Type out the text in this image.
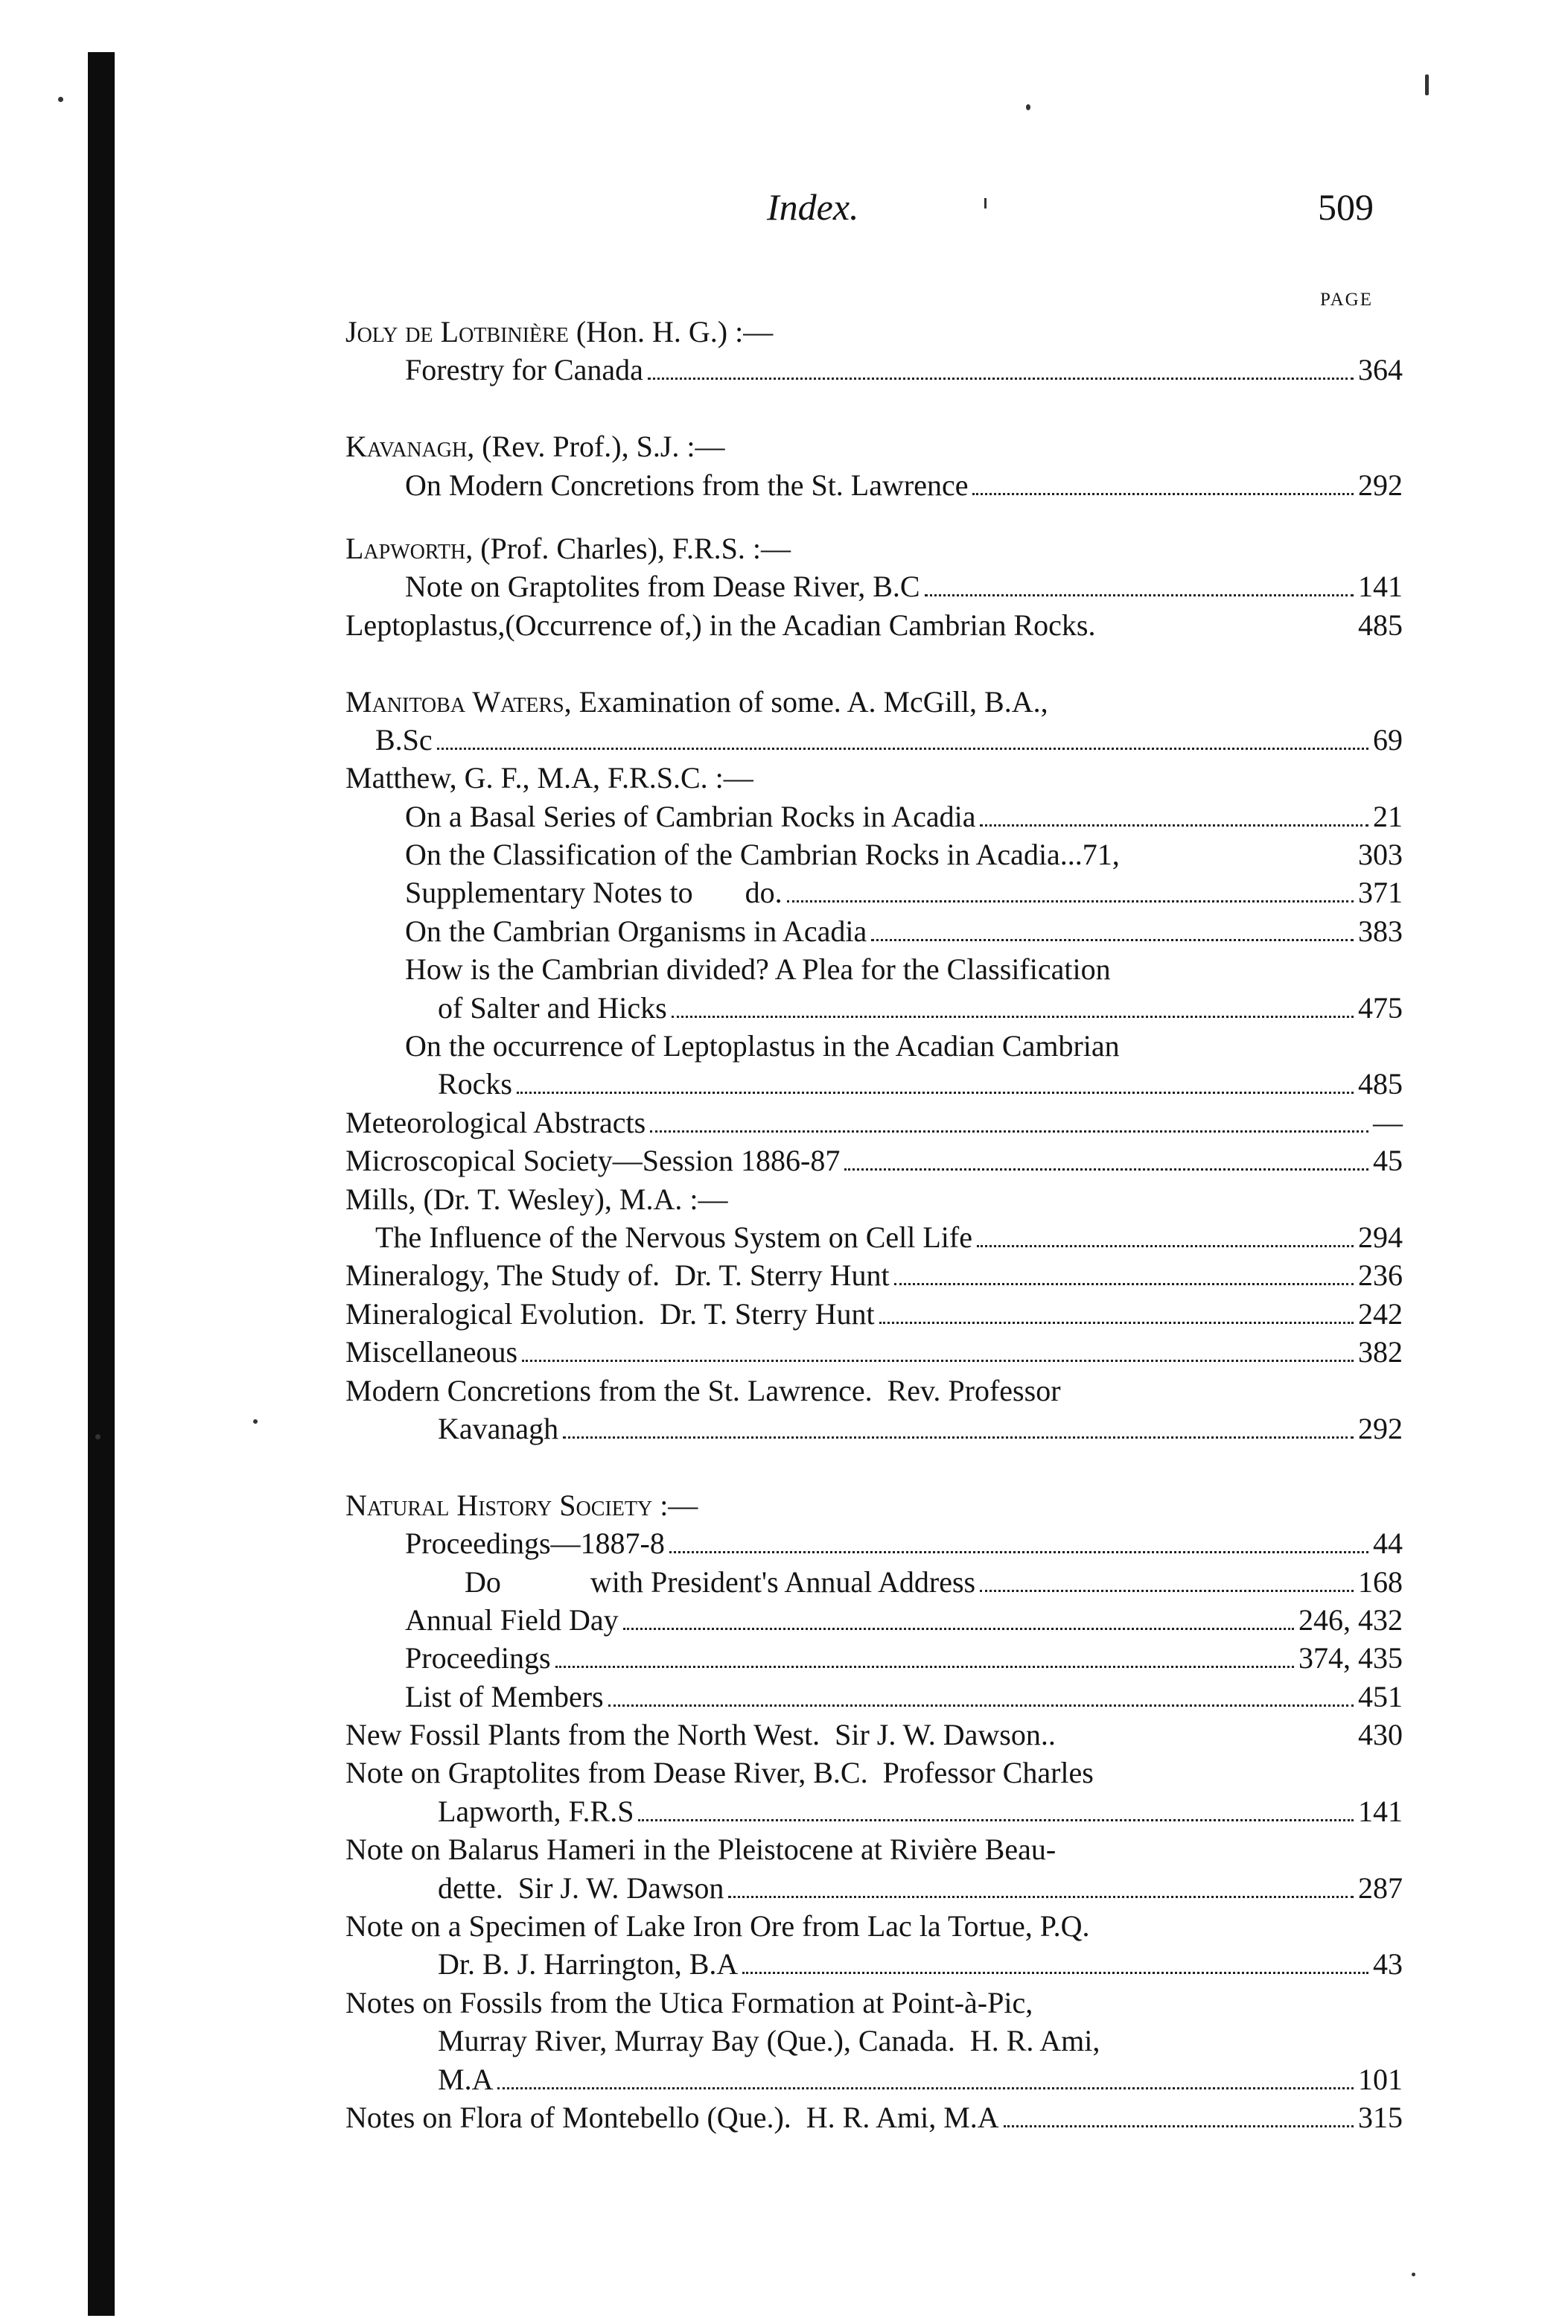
Index.	509
PAGE
Joly de Lotbinière (Hon. H. G.) :—
Forestry for Canada	364
Kavanagh, (Rev. Prof.), S.J. :—
On Modern Concretions from the St. Lawrence	292
Lapworth, (Prof. Charles), F.R.S. :—
Note on Graptolites from Dease River, B.C	141
Leptoplastus,(Occurrence of,) in the Acadian Cambrian Rocks.	485
Manitoba Waters, Examination of some. A. McGill, B.A.,
B.Sc	69
Matthew, G. F., M.A, F.R.S.C. :—
On a Basal Series of Cambrian Rocks in Acadia	21
On the Classification of the Cambrian Rocks in Acadia...71,	303
Supplementary Notes to       do.	371
On the Cambrian Organisms in Acadia	383
How is the Cambrian divided? A Plea for the Classification
of Salter and Hicks	475
On the occurrence of Leptoplastus in the Acadian Cambrian
Rocks	485
Meteorological Abstracts	—
Microscopical Society—Session 1886-87	45
Mills, (Dr. T. Wesley), M.A. :—
The Influence of the Nervous System on Cell Life	294
Mineralogy, The Study of.  Dr. T. Sterry Hunt	236
Mineralogical Evolution.  Dr. T. Sterry Hunt	242
Miscellaneous	382
Modern Concretions from the St. Lawrence.  Rev. Professor
Kavanagh	292
Natural History Society :—
Proceedings—1887-8	44
Do            with President's Annual Address	168
Annual Field Day	246, 432
Proceedings	374, 435
List of Members	451
New Fossil Plants from the North West.  Sir J. W. Dawson..	430
Note on Graptolites from Dease River, B.C.  Professor Charles
Lapworth, F.R.S	141
Note on Balarus Hameri in the Pleistocene at Rivière Beau-
dette.  Sir J. W. Dawson	287
Note on a Specimen of Lake Iron Ore from Lac la Tortue, P.Q.
Dr. B. J. Harrington, B.A	43
Notes on Fossils from the Utica Formation at Point-à-Pic,
Murray River, Murray Bay (Que.), Canada.  H. R. Ami,
M.A	101
Notes on Flora of Montebello (Que.).  H. R. Ami, M.A	315
